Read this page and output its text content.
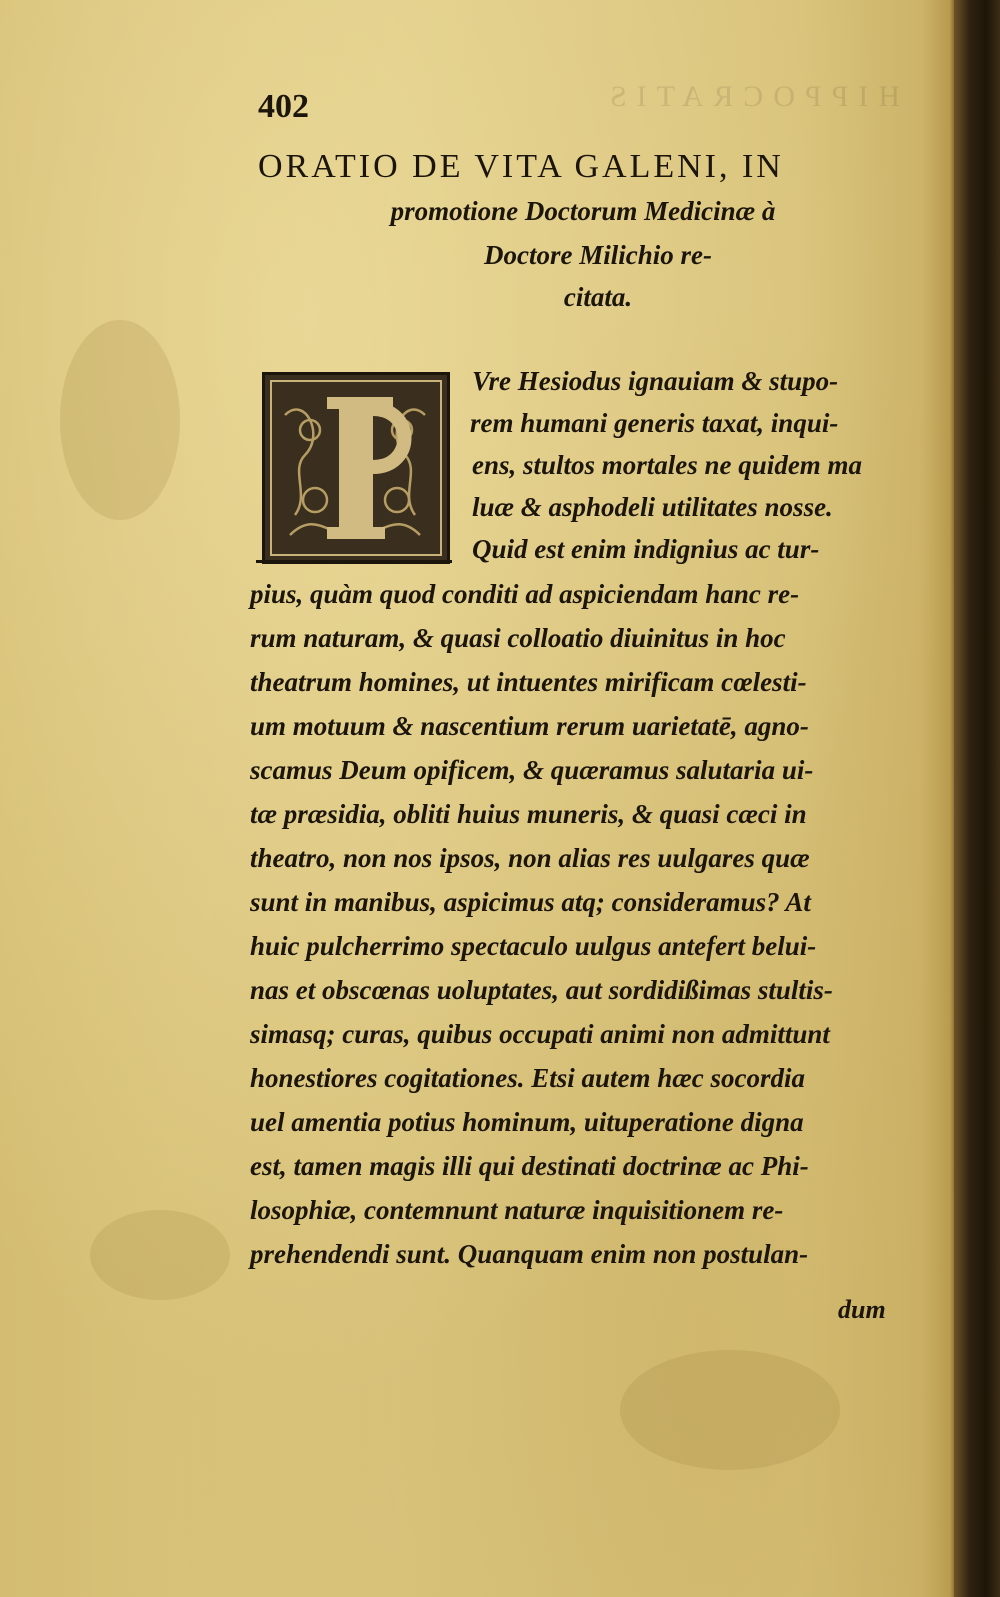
HIPPOCRATIS
402
ORATIO DE VITA GALENI, IN
promotione Doctorum Medicinæ à
Doctore Milichio re-
citata.
Vre Hesiodus ignauiam & stupo-
rem humani generis taxat, inqui-
ens, stultos mortales ne quidem ma
luæ & asphodeli utilitates nosse.
Quid est enim indignius ac tur-
pius, quàm quod conditi ad aspiciendam hanc re-
rum naturam, & quasi colloatio diuinitus in hoc
theatrum homines, ut intuentes mirificam cœlesti-
um motuum & nascentium rerum uarietatē, agno-
scamus Deum opificem, & quæramus salutaria ui-
tæ præsidia, obliti huius muneris, & quasi cæci in
theatro, non nos ipsos, non alias res uulgares quæ
sunt in manibus, aspicimus atq; consideramus? At
huic pulcherrimo spectaculo uulgus antefert belui-
nas et obscœnas uoluptates, aut sordidißimas stultis-
simasq; curas, quibus occupati animi non admittunt
honestiores cogitationes. Etsi autem hæc socordia
uel amentia potius hominum, uituperatione digna
est, tamen magis illi qui destinati doctrinæ ac Phi-
losophiæ, contemnunt naturæ inquisitionem re-
prehendendi sunt. Quanquam enim non postulan-
dum
